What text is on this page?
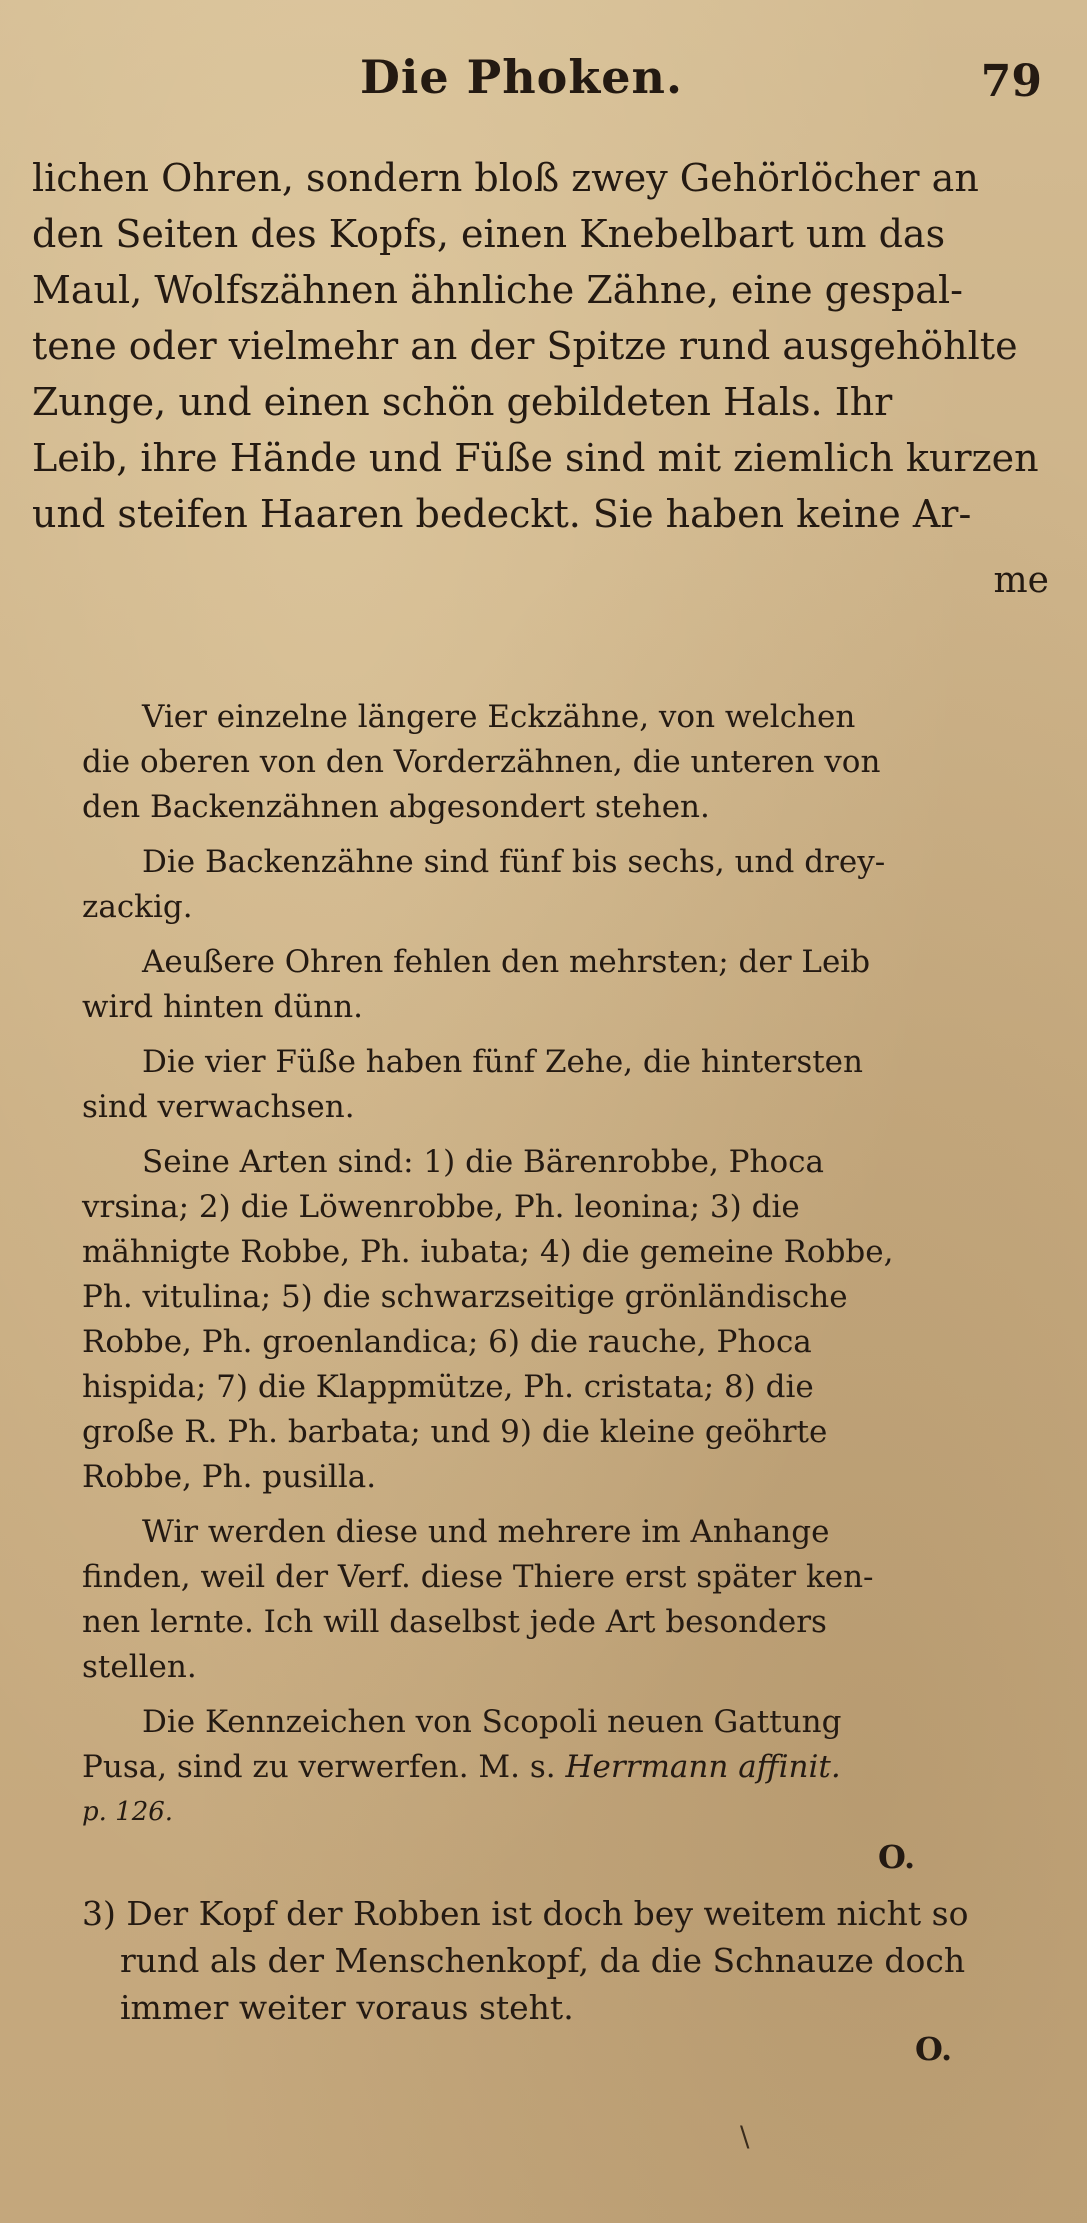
Die Phoken.	79
lichen Ohren, sondern bloß zwey Gehörlöcher an
den Seiten des Kopfs, einen Knebelbart um das
Maul, Wolfszähnen ähnliche Zähne, eine gespal-
tene oder vielmehr an der Spitze rund ausgehöhlte
Zunge, und einen schön gebildeten Hals. Ihr
Leib, ihre Hände und Füße sind mit ziemlich kurzen
und steifen Haaren bedeckt. Sie haben keine Ar-
me

Vier einzelne längere Eckzähne, von welchen
die oberen von den Vorderzähnen, die unteren von
den Backenzähnen abgesondert stehen.

Die Backenzähne sind fünf bis sechs, und drey-
zackig.

Aeußere Ohren fehlen den mehrsten; der Leib
wird hinten dünn.

Die vier Füße haben fünf Zehe, die hintersten
sind verwachsen.

Seine Arten sind: 1) die Bärenrobbe, Phoca
vrsina; 2) die Löwenrobbe, Ph. leonina; 3) die
mähnigte Robbe, Ph. iubata; 4) die gemeine Robbe,
Ph. vitulina; 5) die schwarzseitige grönländische
Robbe, Ph. groenlandica; 6) die rauche, Phoca
hispida; 7) die Klappmütze, Ph. cristata; 8) die
große R. Ph. barbata; und 9) die kleine geöhrte
Robbe, Ph. pusilla.

Wir werden diese und mehrere im Anhange
finden, weil der Verf. diese Thiere erst später ken-
nen lernte. Ich will daselbst jede Art besonders
stellen.

Die Kennzeichen von Scopoli neuen Gattung
Pusa, sind zu verwerfen. M. s. Herrmann affinit.
p. 126.

O.
3) Der Kopf der Robben ist doch bey weitem nicht so
rund als der Menschenkopf, da die Schnauze doch
immer weiter voraus steht.
O.
\
